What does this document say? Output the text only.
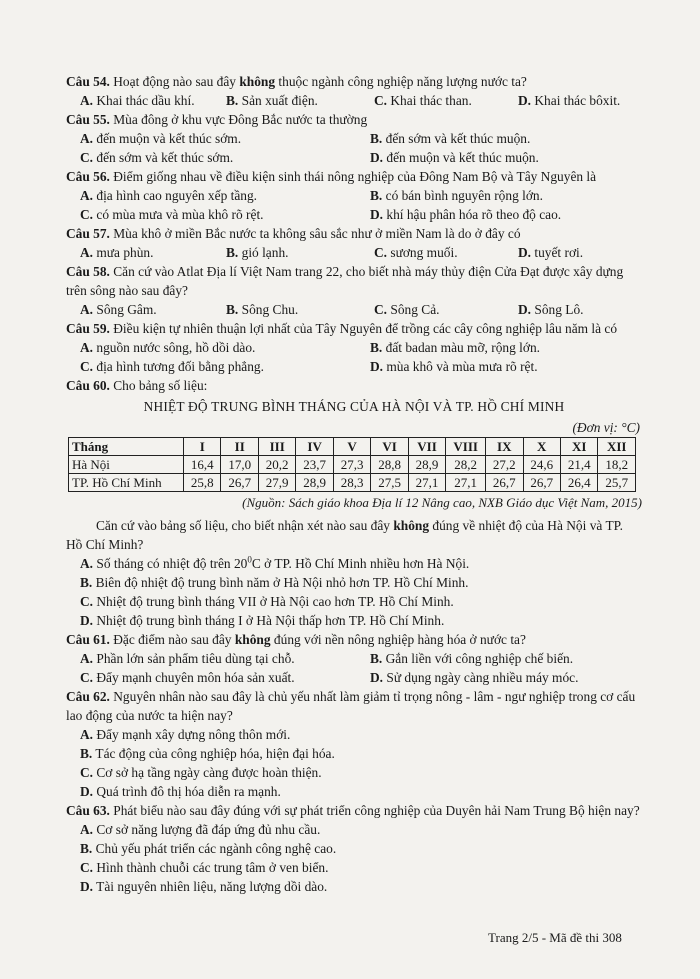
Câu 54. Hoạt động nào sau đây không thuộc ngành công nghiệp năng lượng nước ta?

A. Khai thác dầu khí.	B. Sản xuất điện.	C. Khai thác than.	D. Khai thác bôxit.

Câu 55. Mùa đông ở khu vực Đông Bắc nước ta thường

A. đến muộn và kết thúc sớm.	B. đến sớm và kết thúc muộn.
C. đến sớm và kết thúc sớm.	D. đến muộn và kết thúc muộn.

Câu 56. Điểm giống nhau về điều kiện sinh thái nông nghiệp của Đông Nam Bộ và Tây Nguyên là

A. địa hình cao nguyên xếp tầng.	B. có bán bình nguyên rộng lớn.
C. có mùa mưa và mùa khô rõ rệt.	D. khí hậu phân hóa rõ theo độ cao.

Câu 57. Mùa khô ở miền Bắc nước ta không sâu sắc như ở miền Nam là do ở đây có

A. mưa phùn.	B. gió lạnh.	C. sương muối.	D. tuyết rơi.

Câu 58. Căn cứ vào Atlat Địa lí Việt Nam trang 22, cho biết nhà máy thủy điện Cửa Đạt được xây dựng trên sông nào sau đây?

A. Sông Gâm.	B. Sông Chu.	C. Sông Cả.	D. Sông Lô.

Câu 59. Điều kiện tự nhiên thuận lợi nhất của Tây Nguyên để trồng các cây công nghiệp lâu năm là có

A. nguồn nước sông, hồ dồi dào.	B. đất badan màu mỡ, rộng lớn.
C. địa hình tương đối bằng phẳng.	D. mùa khô và mùa mưa rõ rệt.

Câu 60. Cho bảng số liệu:

NHIỆT ĐỘ TRUNG BÌNH THÁNG CỦA HÀ NỘI VÀ TP. HỒ CHÍ MINH
(Đơn vị: °C)
Tháng	I	II	III	IV	V	VI	VII	VIII	IX	X	XI	XII
Hà Nội	16,4	17,0	20,2	23,7	27,3	28,8	28,9	28,2	27,2	24,6	21,4	18,2
TP. Hồ Chí Minh	25,8	26,7	27,9	28,9	28,3	27,5	27,1	27,1	26,7	26,7	26,4	25,7
(Nguồn: Sách giáo khoa Địa lí 12 Nâng cao, NXB Giáo dục Việt Nam, 2015)

Căn cứ vào bảng số liệu, cho biết nhận xét nào sau đây không đúng về nhiệt độ của Hà Nội và TP. Hồ Chí Minh?

A. Số tháng có nhiệt độ trên $20^0C$ ở TP. Hồ Chí Minh nhiều hơn Hà Nội.
B. Biên độ nhiệt độ trung bình năm ở Hà Nội nhỏ hơn TP. Hồ Chí Minh.
C. Nhiệt độ trung bình tháng VII ở Hà Nội cao hơn TP. Hồ Chí Minh.
D. Nhiệt độ trung bình tháng I ở Hà Nội thấp hơn TP. Hồ Chí Minh.

Câu 61. Đặc điểm nào sau đây không đúng với nền nông nghiệp hàng hóa ở nước ta?

A. Phần lớn sản phẩm tiêu dùng tại chỗ.	B. Gắn liền với công nghiệp chế biến.
C. Đẩy mạnh chuyên môn hóa sản xuất.	D. Sử dụng ngày càng nhiều máy móc.

Câu 62. Nguyên nhân nào sau đây là chủ yếu nhất làm giảm tỉ trọng nông - lâm - ngư nghiệp trong cơ cấu lao động của nước ta hiện nay?

A. Đẩy mạnh xây dựng nông thôn mới.
B. Tác động của công nghiệp hóa, hiện đại hóa.
C. Cơ sở hạ tầng ngày càng được hoàn thiện.
D. Quá trình đô thị hóa diễn ra mạnh.

Câu 63. Phát biểu nào sau đây đúng với sự phát triển công nghiệp của Duyên hải Nam Trung Bộ hiện nay?

A. Cơ sở năng lượng đã đáp ứng đủ nhu cầu.
B. Chủ yếu phát triển các ngành công nghệ cao.
C. Hình thành chuỗi các trung tâm ở ven biển.
D. Tài nguyên nhiên liệu, năng lượng dồi dào.
Trang 2/5 - Mã đề thi 308
